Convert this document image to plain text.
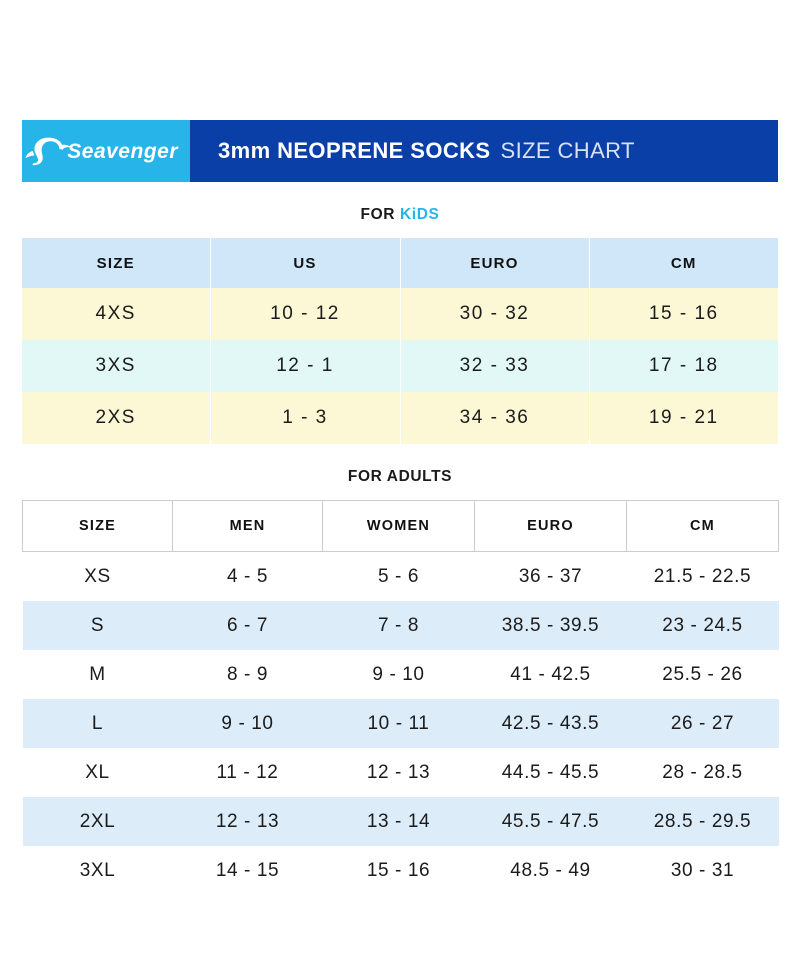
Seavenger 3mm NEOPRENE SOCKS SIZE CHART
FOR KiDS
SIZE	US	EURO	CM
4XS	10 - 12	30 - 32	15 - 16
3XS	12 - 1	32 - 33	17 - 18
2XS	1 - 3	34 - 36	19 - 21
FOR ADULTS
SIZE	MEN	WOMEN	EURO	CM
XS	4 - 5	5 - 6	36 - 37	21.5 - 22.5
S	6 - 7	7 - 8	38.5 - 39.5	23 - 24.5
M	8 - 9	9 - 10	41 - 42.5	25.5 - 26
L	9 - 10	10 - 11	42.5 - 43.5	26 - 27
XL	11 - 12	12 - 13	44.5 - 45.5	28 - 28.5
2XL	12 - 13	13 - 14	45.5 - 47.5	28.5 - 29.5
3XL	14 - 15	15 - 16	48.5 - 49	30 - 31
